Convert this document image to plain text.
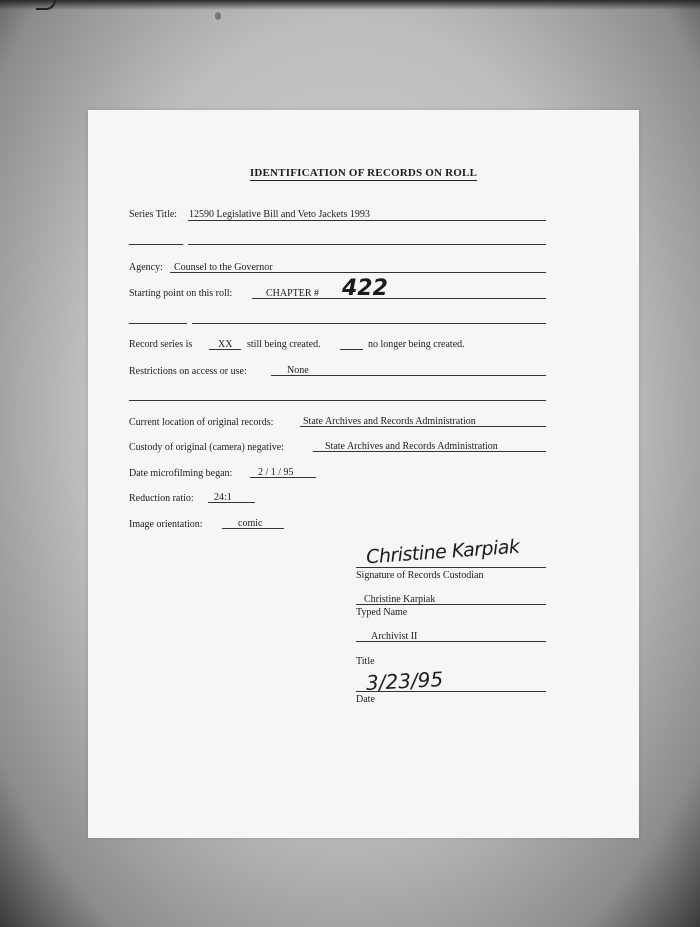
IDENTIFICATION OF RECORDS ON ROLL
Series Title: 12590 Legislative Bill and Veto Jackets 1993
Agency: Counsel to the Governor
Starting point on this roll:	CHAPTER # 422
Record series is	XX still being created.	no longer being created.
Restrictions on access or use:	None
Current location of original records:	State Archives and Records Administration
Custody of original (camera) negative:	State Archives and Records Administration
Date microfilming began:	2 / 1 / 95
Reduction ratio: 24:1
Image orientation:	comic
Christine Karpiak
Signature of Records Custodian
Christine Karpiak
Typed Name
Archivist II
Title
3/23/95
Date
